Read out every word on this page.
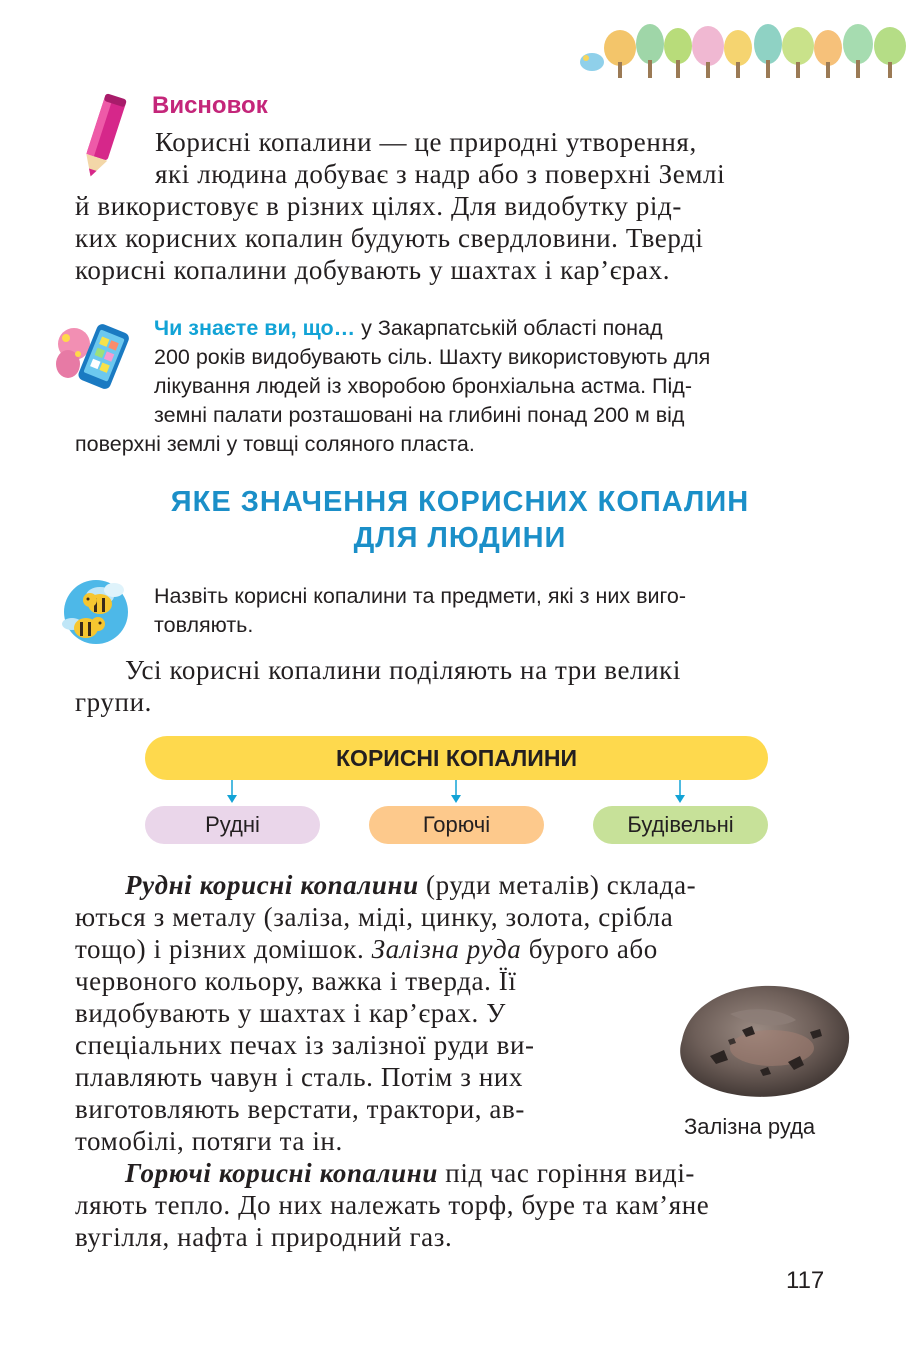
Висновок
Корисні копалини — це природні утворення,
які людина добуває з надр або з поверхні Землі
й використовує в різних цілях. Для видобутку рід-
ких корисних копалин будують свердловини. Тверді
корисні копалини добувають у шахтах і кар’єрах.
Чи знаєте ви, що… у Закарпатській області понад
200 років видобувають сіль. Шахту використовують для
лікування людей із хворобою бронхіальна астма. Під-
земні палати розташовані на глибині понад 200 м від
поверхні землі у товщі соляного пласта.
ЯКЕ ЗНАЧЕННЯ КОРИСНИХ КОПАЛИН
ДЛЯ ЛЮДИНИ
Назвіть корисні копалини та предмети, які з них виго-
товляють.
Усі корисні копалини поділяють на три великі
групи.
КОРИСНІ КОПАЛИНИ
Рудні	Горючі	Будівельні
Рудні корисні копалини (руди металів) склада-
ються з металу (заліза, міді, цинку, золота, срібла
тощо) і різних домішок. Залізна руда бурого або
червоного кольору, важка і тверда. Її
видобувають у шахтах і кар’єрах. У
спеціальних печах із залізної руди ви-
плавляють чавун і сталь. Потім з них
виготовляють верстати, трактори, ав-
томобілі, потяги та ін.	Залізна руда
Горючі корисні копалини під час горіння виді-
ляють тепло. До них належать торф, буре та кам’яне
вугілля, нафта і природний газ.
117
